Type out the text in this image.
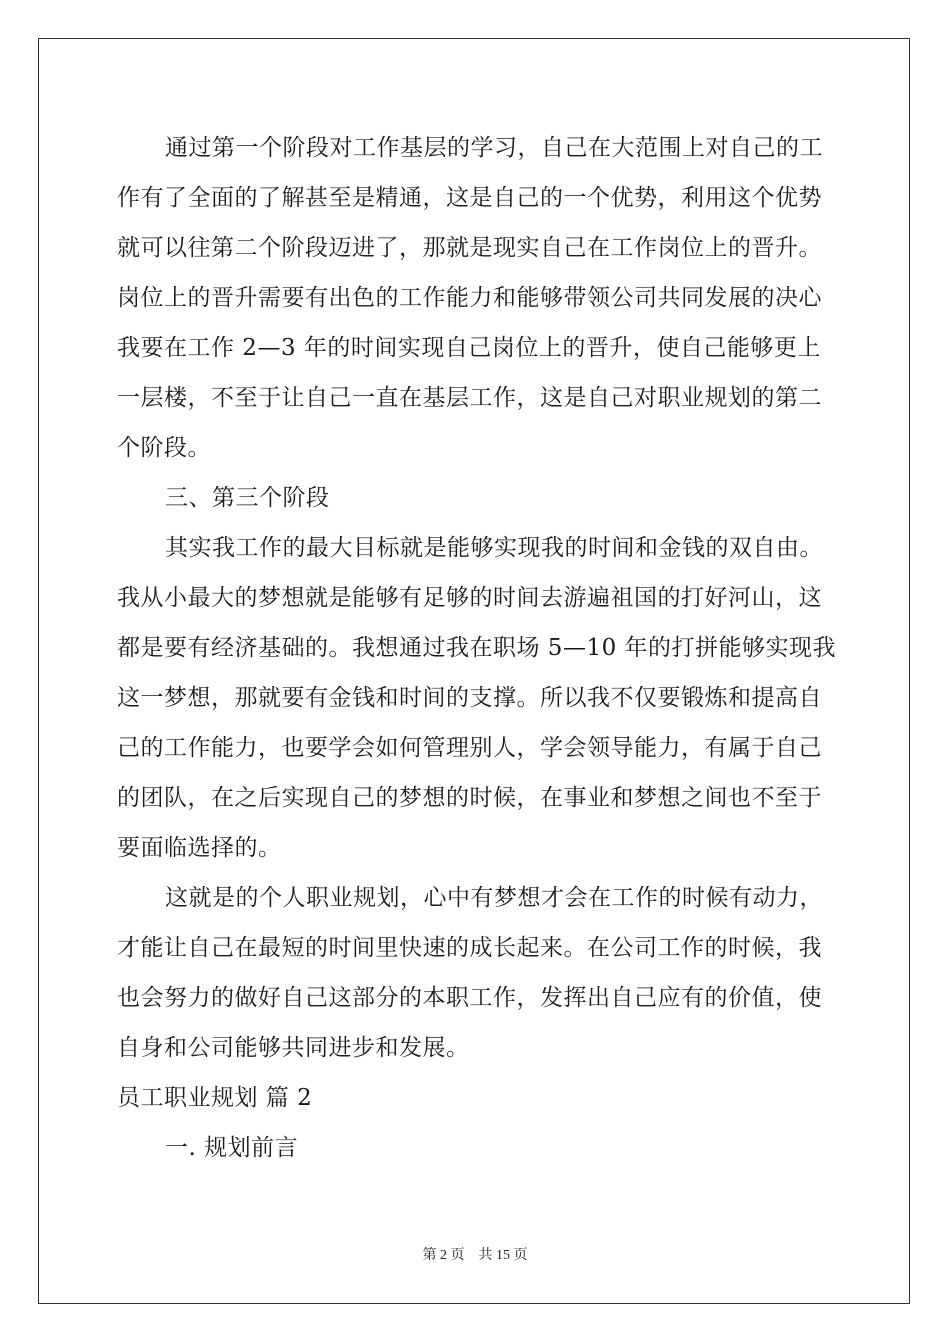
通过第一个阶段对工作基层的学习，自己在大范围上对自己的工
作有了全面的了解甚至是精通，这是自己的一个优势，利用这个优势
就可以往第二个阶段迈进了，那就是现实自己在工作岗位上的晋升。
岗位上的晋升需要有出色的工作能力和能够带领公司共同发展的决心
我要在工作 2—3 年的时间实现自己岗位上的晋升，使自己能够更上
一层楼，不至于让自己一直在基层工作，这是自己对职业规划的第二
个阶段。
三、第三个阶段
其实我工作的最大目标就是能够实现我的时间和金钱的双自由。
我从小最大的梦想就是能够有足够的时间去游遍祖国的打好河山，这
都是要有经济基础的。我想通过我在职场 5—10 年的打拼能够实现我
这一梦想，那就要有金钱和时间的支撑。所以我不仅要锻炼和提高自
己的工作能力，也要学会如何管理别人，学会领导能力，有属于自己
的团队，在之后实现自己的梦想的时候，在事业和梦想之间也不至于
要面临选择的。
这就是的个人职业规划，心中有梦想才会在工作的时候有动力，
才能让自己在最短的时间里快速的成长起来。在公司工作的时候，我
也会努力的做好自己这部分的本职工作，发挥出自己应有的价值，使
自身和公司能够共同进步和发展。
员工职业规划 篇 2
一. 规划前言
第 2 页 共 15 页
